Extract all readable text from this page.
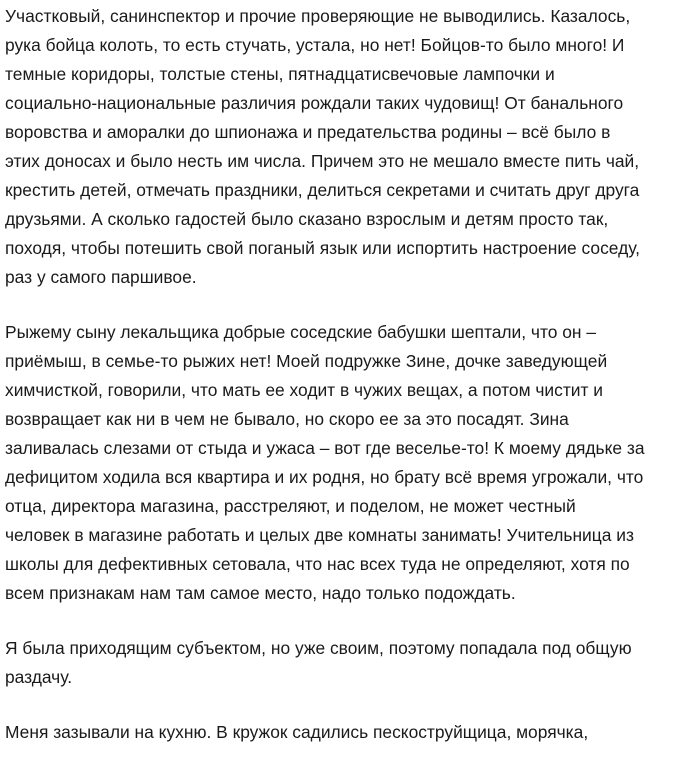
Участковый, санинспектор и прочие проверяющие не выводились. Казалось,
рука бойца колоть, то есть стучать, устала, но нет! Бойцов-то было много! И
темные коридоры, толстые стены, пятнадцатисвечовые лампочки и
социально-национальные различия рождали таких чудовищ! От банального
воровства и аморалки до шпионажа и предательства родины – всё было в
этих доносах и было несть им числа. Причем это не мешало вместе пить чай,
крестить детей, отмечать праздники, делиться секретами и считать друг друга
друзьями. А сколько гадостей было сказано взрослым и детям просто так,
походя, чтобы потешить свой поганый язык или испортить настроение соседу,
раз у самого паршивое.

Рыжему сыну лекальщика добрые соседские бабушки шептали, что он –
приёмыш, в семье-то рыжих нет! Моей подружке Зине, дочке заведующей
химчисткой, говорили, что мать ее ходит в чужих вещах, а потом чистит и
возвращает как ни в чем не бывало, но скоро ее за это посадят. Зина
заливалась слезами от стыда и ужаса – вот где веселье-то! К моему дядьке за
дефицитом ходила вся квартира и их родня, но брату всё время угрожали, что
отца, директора магазина, расстреляют, и поделом, не может честный
человек в магазине работать и целых две комнаты занимать! Учительница из
школы для дефективных сетовала, что нас всех туда не определяют, хотя по
всем признакам нам там самое место, надо только подождать.

Я была приходящим субъектом, но уже своим, поэтому попадала под общую
раздачу.

Меня зазывали на кухню. В кружок садились пескоструйщица, морячка,
